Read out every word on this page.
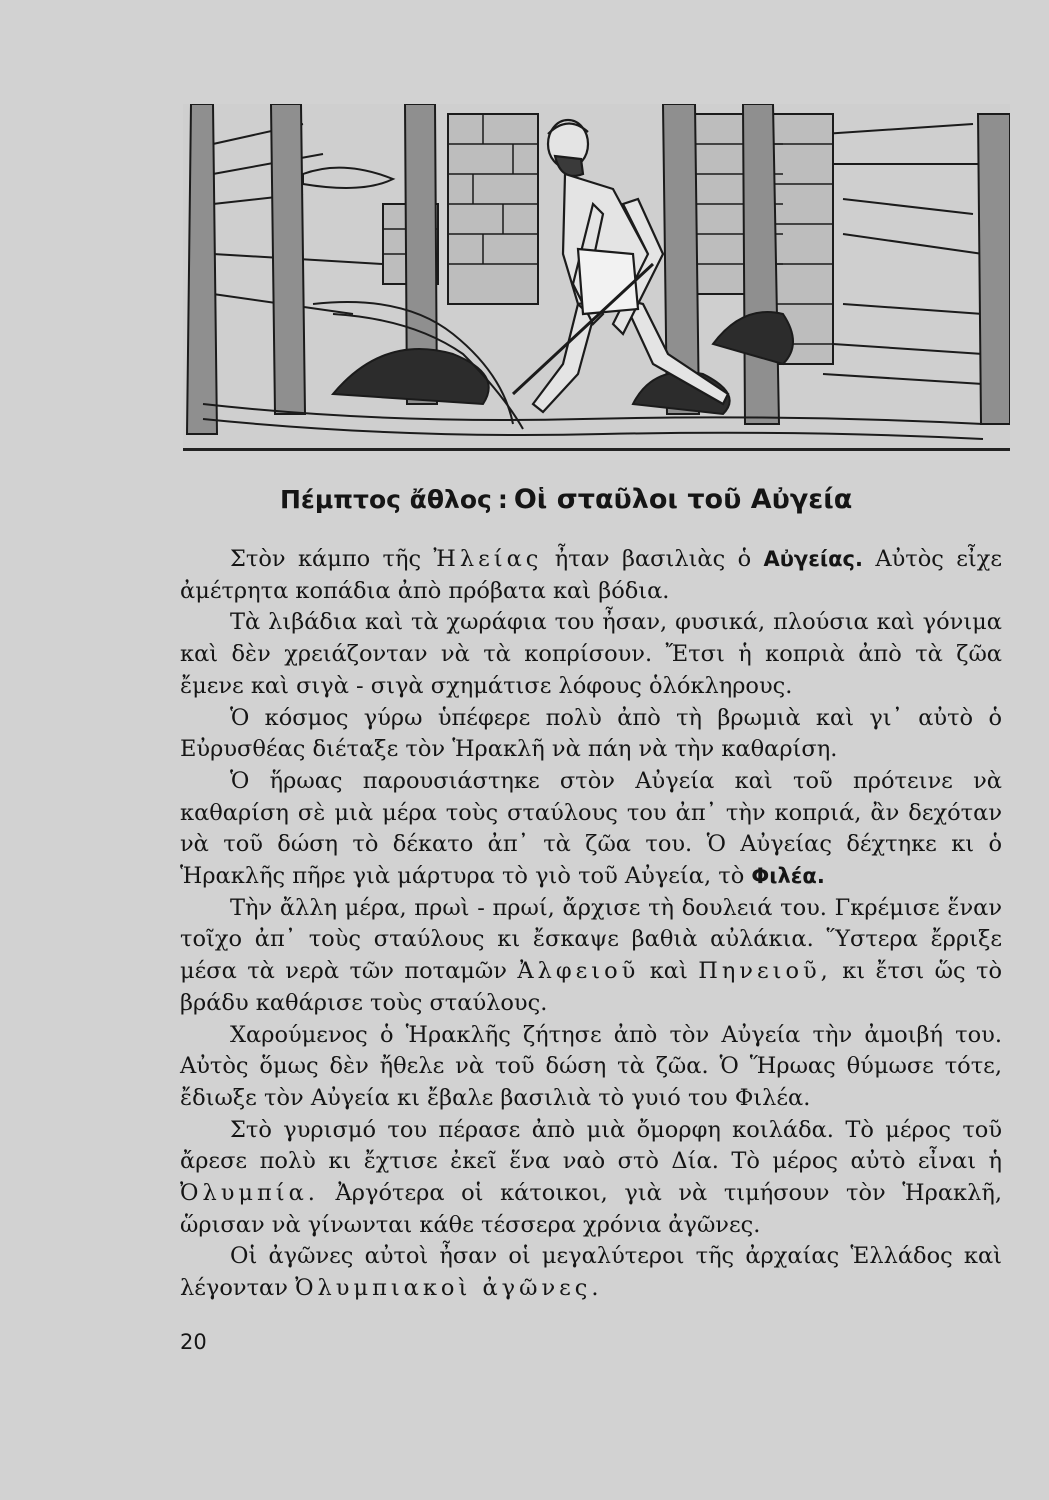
Πέμπτος ἄθλος : Οἱ σταῦλοι τοῦ Αὐγεία

Στὸν κάμπο τῆς Ἠλείας ἦταν βασιλιὰς ὁ Αὐγείας. Αὐτὸς εἶχε ἀμέτρητα κοπάδια ἀπὸ πρόβατα καὶ βόδια.

Τὰ λιβάδια καὶ τὰ χωράφια του ἦσαν, φυσικά, πλούσια καὶ γόνιμα καὶ δὲν χρειάζονταν νὰ τὰ κοπρίσουν. Ἔτσι ἡ κοπριὰ ἀπὸ τὰ ζῶα ἔμενε καὶ σιγὰ - σιγὰ σχημάτισε λόφους ὁλόκληρους.

Ὁ κόσμος γύρω ὑπέφερε πολὺ ἀπὸ τὴ βρωμιὰ καὶ γι᾽ αὐτὸ ὁ Εὐρυσθέας διέταξε τὸν Ἡρακλῆ νὰ πάη νὰ τὴν καθαρίση.

Ὁ ἥρωας παρουσιάστηκε στὸν Αὐγεία καὶ τοῦ πρότεινε νὰ καθαρίση σὲ μιὰ μέρα τοὺς σταύλους του ἀπ᾽ τὴν κοπριά, ἂν δεχόταν νὰ τοῦ δώση τὸ δέκατο ἀπ᾽ τὰ ζῶα του. Ὁ Αὐγείας δέχτηκε κι ὁ Ἡρακλῆς πῆρε γιὰ μάρτυρα τὸ γιὸ τοῦ Αὐγεία, τὸ Φιλέα.

Τὴν ἄλλη μέρα, πρωὶ - πρωί, ἄρχισε τὴ δουλειά του. Γκρέμισε ἕναν τοῖχο ἀπ᾽ τοὺς σταύλους κι ἔσκαψε βαθιὰ αὐλάκια. Ὕστερα ἔρριξε μέσα τὰ νερὰ τῶν ποταμῶν Ἀλφειοῦ καὶ Πηνειοῦ, κι ἔτσι ὥς τὸ βράδυ καθάρισε τοὺς σταύλους.

Χαρούμενος ὁ Ἡρακλῆς ζήτησε ἀπὸ τὸν Αὐγεία τὴν ἀμοιβή του. Αὐτὸς ὅμως δὲν ἤθελε νὰ τοῦ δώση τὰ ζῶα. Ὁ Ἥρωας θύμωσε τότε, ἔδιωξε τὸν Αὐγεία κι ἔβαλε βασιλιὰ τὸ γυιό του Φιλέα.

Στὸ γυρισμό του πέρασε ἀπὸ μιὰ ὄμορφη κοιλάδα. Τὸ μέρος τοῦ ἄρεσε πολὺ κι ἔχτισε ἐκεῖ ἕνα ναὸ στὸ Δία. Τὸ μέρος αὐτὸ εἶναι ἡ Ὀλυμπία. Ἀργότερα οἱ κάτοικοι, γιὰ νὰ τιμήσουν τὸν Ἡρακλῆ, ὥρισαν νὰ γίνωνται κάθε τέσσερα χρόνια ἀγῶνες.

Οἱ ἀγῶνες αὐτοὶ ἦσαν οἱ μεγαλύτεροι τῆς ἀρχαίας Ἑλλάδος καὶ λέγονταν Ὀλυμπιακοὶ ἀγῶνες.

20
